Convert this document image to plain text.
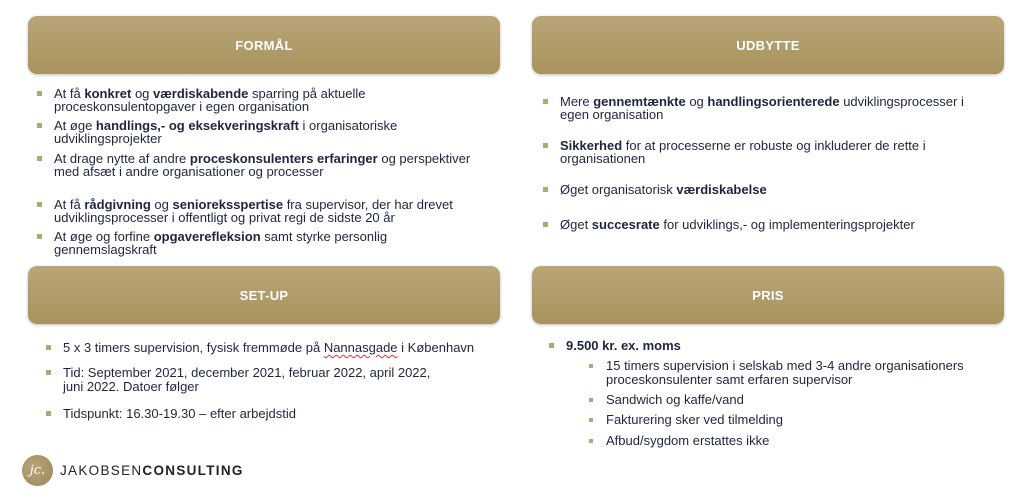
FORMÅL	UDBYTTE
SET-UP	PRIS
At få konkret og værdiskabende sparring på aktuelle
proceskonsulentopgaver i egen organisation
At øge handlings,- og eksekveringskraft i organisatoriske
udviklingsprojekter
At drage nytte af andre proceskonsulenters erfaringer og perspektiver
med afsæt i andre organisationer og processer
At få rådgivning og senioreksspertise fra supervisor, der har drevet
udviklingsprocesser i offentligt og privat regi de sidste 20 år
At øge og forfine opgaverefleksion samt styrke personlig
gennemslagskraft
Mere gennemtænkte og handlingsorienterede udviklingsprocesser i
egen organisation
Sikkerhed for at processerne er robuste og inkluderer de rette i
organisationen
Øget organisatorisk værdiskabelse
Øget succesrate for udviklings,- og implementeringsprojekter
5 x 3 timers supervision, fysisk fremmøde på Nannasgade i København
Tid: September 2021, december 2021, februar 2022, april 2022,
juni 2022. Datoer følger
Tidspunkt: 16.30-19.30 – efter arbejdstid
9.500 kr. ex. moms
15 timers supervision i selskab med 3-4 andre organisationers
proceskonsulenter samt erfaren supervisor
Sandwich og kaffe/vand
Fakturering sker ved tilmelding
Afbud/sygdom erstattes ikke
jc.	JAKOBSEN CONSULTING
